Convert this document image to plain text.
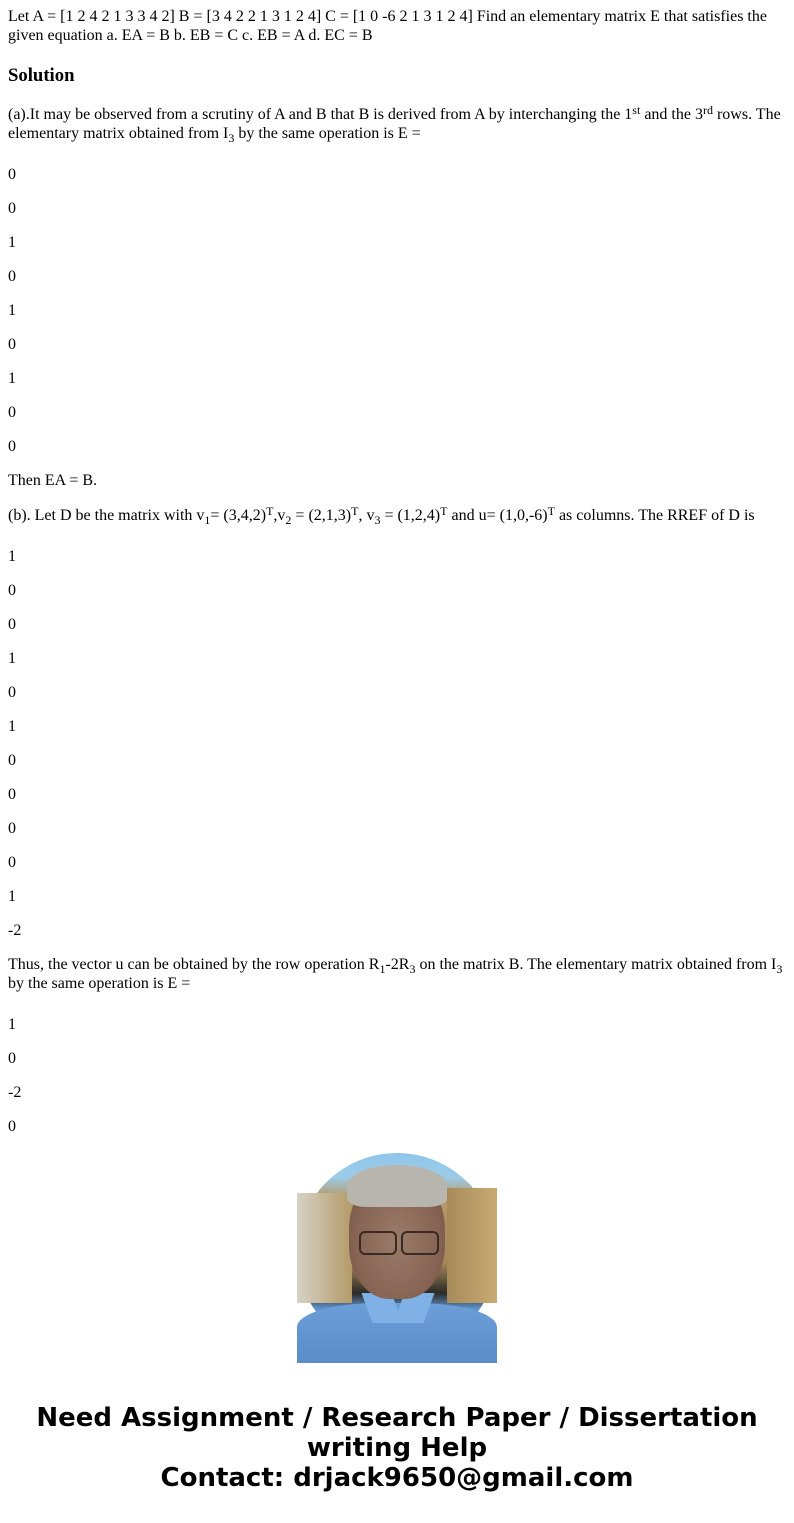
Let A = [1 2 4 2 1 3 3 4 2] B = [3 4 2 2 1 3 1 2 4] C = [1 0 -6 2 1 3 1 2 4] Find an elementary matrix E that satisfies the given equation a. EA = B b. EB = C c. EB = A d. EC = B

Solution

(a).It may be observed from a scrutiny of A and B that B is derived from A by interchanging the 1st and the 3rd rows. The elementary matrix obtained from $I_3$ by the same operation is E =

0
0
1
0
1
0
1
0
0

Then EA = B.

(b). Let D be the matrix with $v_1= (3,4,2)^T,v_2 = (2,1,3)^T$, $v_3 = (1,2,4)^T$ and $u= (1,0,-6)^T$ as columns. The RREF of D is

1
0
0
1
0
1
0
0
0
0
1
-2

Thus, the vector u can be obtained by the row operation $R_1-2R_3$ on the matrix B. The elementary matrix obtained from $I_3$ by the same operation is E =

1
0
-2
0
Need Assignment / Research Paper / Dissertation
writing Help
Contact: drjack9650@gmail.com
